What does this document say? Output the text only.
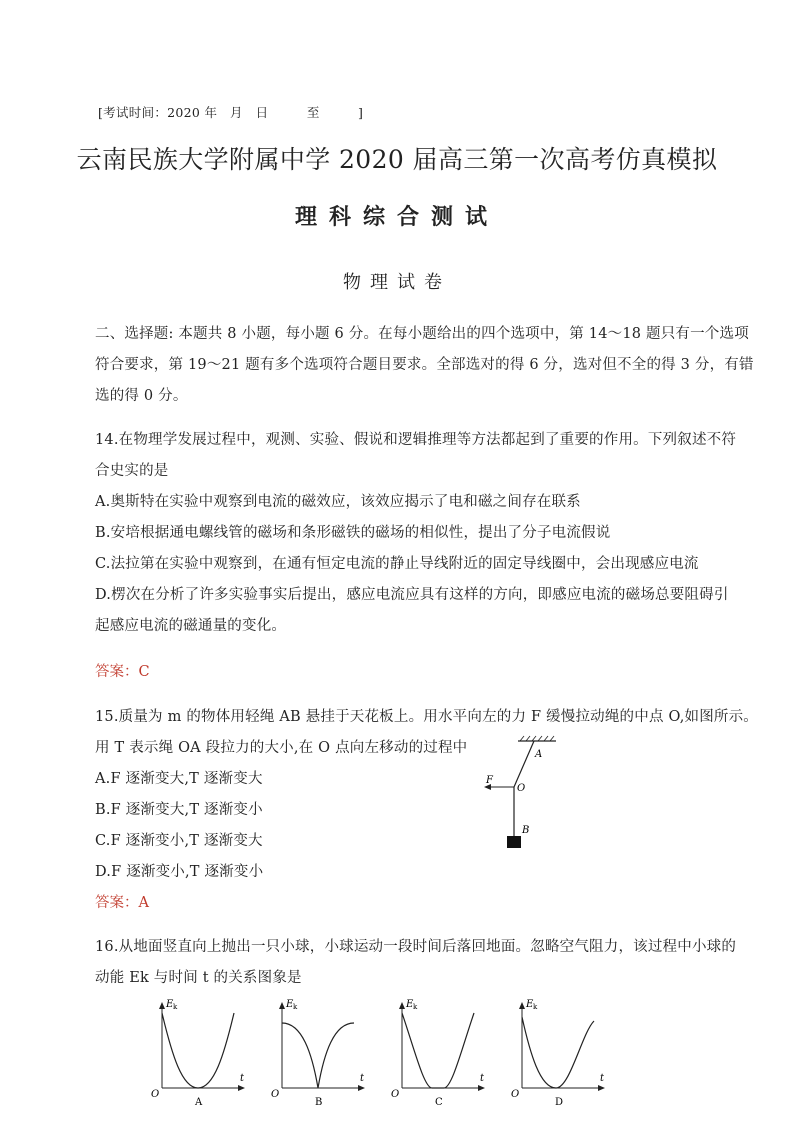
[考试时间：2020 年　月　日　　　至　　　]
云南民族大学附属中学 2020 届高三第一次高考仿真模拟
理科综合测试
物理试卷
二、选择题: 本题共 8 小题，每小题 6 分。在每小题给出的四个选项中，第 14～18 题只有一个选项
符合要求，第 19～21 题有多个选项符合题目要求。全部选对的得 6 分，选对但不全的得 3 分，有错
选的得 0 分。
14.在物理学发展过程中，观测、实验、假说和逻辑推理等方法都起到了重要的作用。下列叙述不符
合史实的是
A.奥斯特在实验中观察到电流的磁效应，该效应揭示了电和磁之间存在联系
B.安培根据通电螺线管的磁场和条形磁铁的磁场的相似性，提出了分子电流假说
C.法拉第在实验中观察到，在通有恒定电流的静止导线附近的固定导线圈中，会出现感应电流
D.楞次在分析了许多实验事实后提出，感应电流应具有这样的方向，即感应电流的磁场总要阻碍引
起感应电流的磁通量的变化。
答案：C
15.质量为 m 的物体用轻绳 AB 悬挂于天花板上。用水平向左的力 F 缓慢拉动绳的中点 O,如图所示。
用 T 表示绳 OA 段拉力的大小,在 O 点向左移动的过程中
A.F 逐渐变大,T 逐渐变大
B.F 逐渐变大,T 逐渐变小
C.F 逐渐变小,T 逐渐变大
D.F 逐渐变小,T 逐渐变小
答案：A
A
O
F
B
16.从地面竖直向上抛出一只小球，小球运动一段时间后落回地面。忽略空气阻力，该过程中小球的
动能 Ek 与时间 t 的关系图象是
E k
t
O
A
E k
t
O
B
E k
t
O
C
E k
t
O
D
